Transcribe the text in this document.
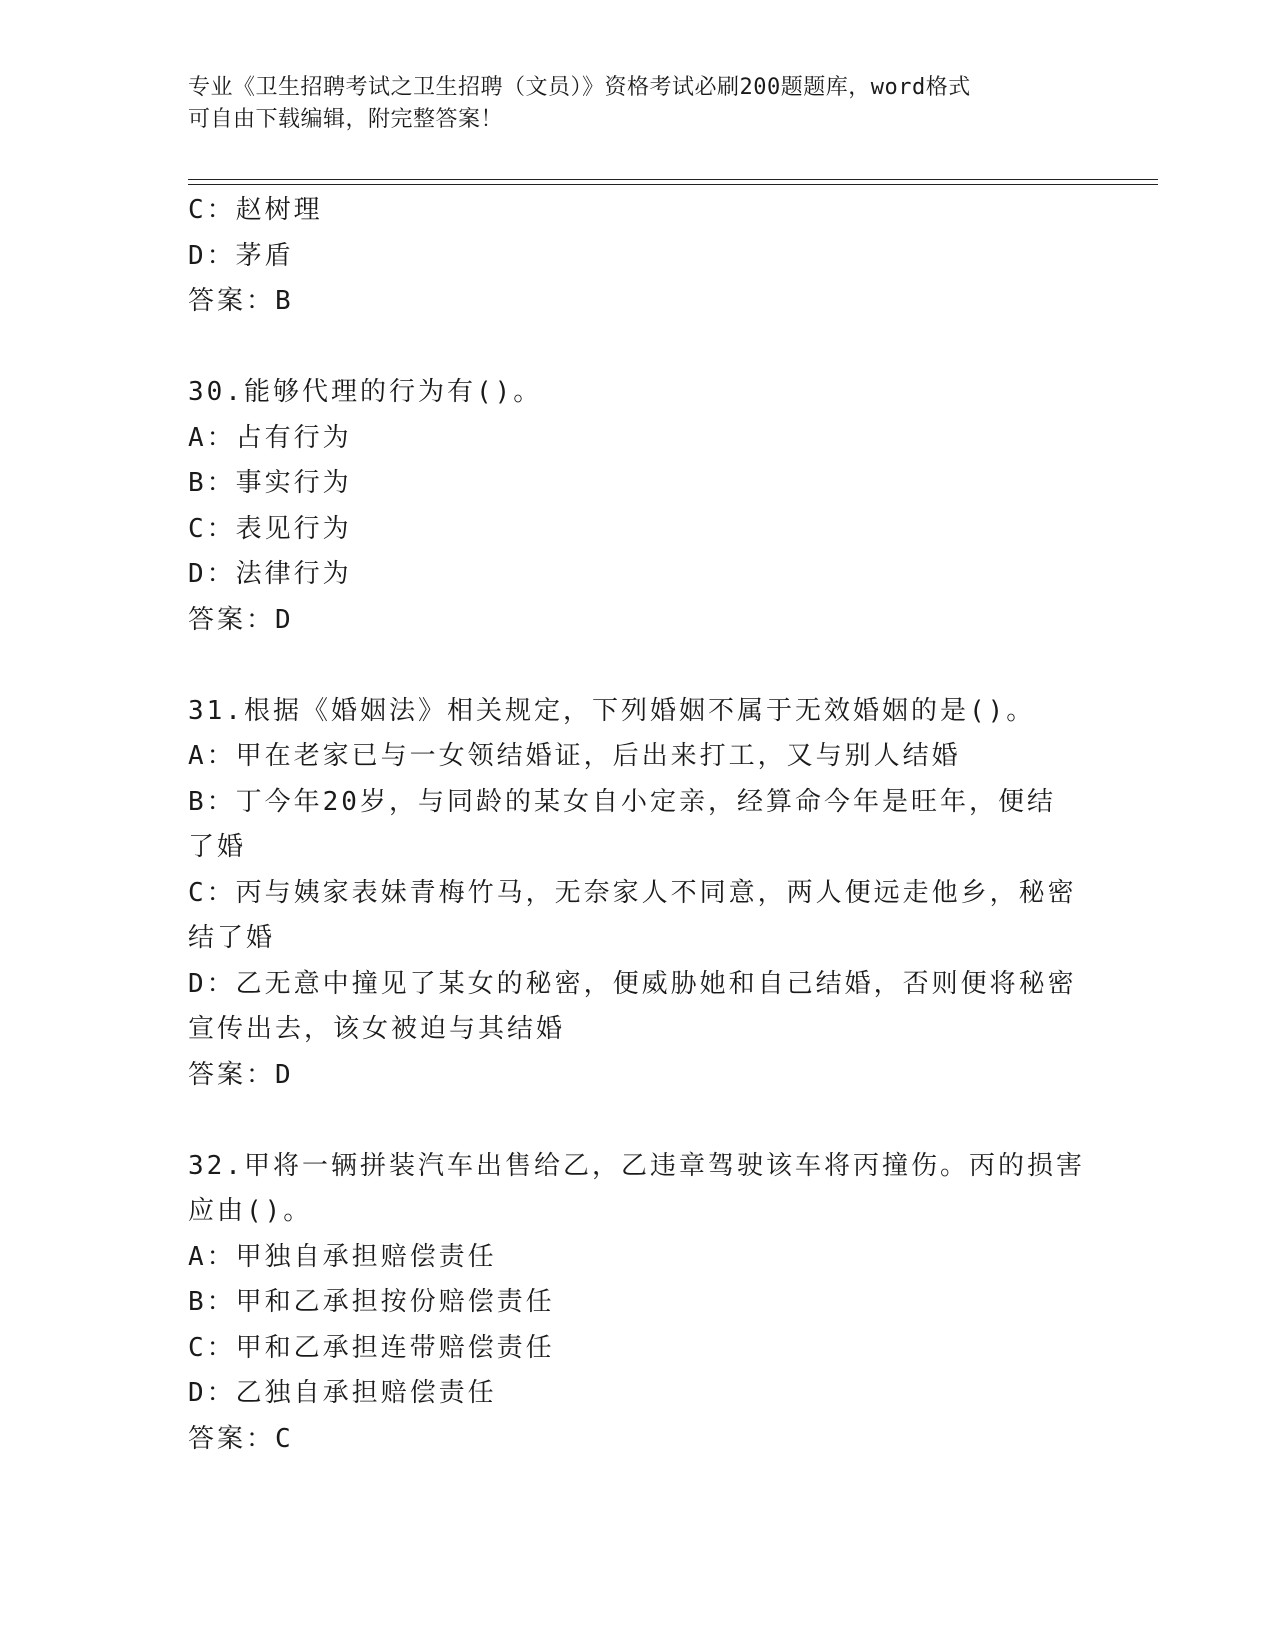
专业《卫生招聘考试之卫生招聘（文员）》资格考试必刷200题题库，word格式
可自由下载编辑，附完整答案！
C：赵树理
D：茅盾
答案：B
30.能够代理的行为有()。
A：占有行为
B：事实行为
C：表见行为
D：法律行为
答案：D
31.根据《婚姻法》相关规定，下列婚姻不属于无效婚姻的是()。
A：甲在老家已与一女领结婚证，后出来打工，又与别人结婚
B：丁今年20岁，与同龄的某女自小定亲，经算命今年是旺年，便结
了婚
C：丙与姨家表妹青梅竹马，无奈家人不同意，两人便远走他乡，秘密
结了婚
D：乙无意中撞见了某女的秘密，便威胁她和自己结婚，否则便将秘密
宣传出去，该女被迫与其结婚
答案：D
32.甲将一辆拼装汽车出售给乙，乙违章驾驶该车将丙撞伤。丙的损害
应由()。
A：甲独自承担赔偿责任
B：甲和乙承担按份赔偿责任
C：甲和乙承担连带赔偿责任
D：乙独自承担赔偿责任
答案：C
